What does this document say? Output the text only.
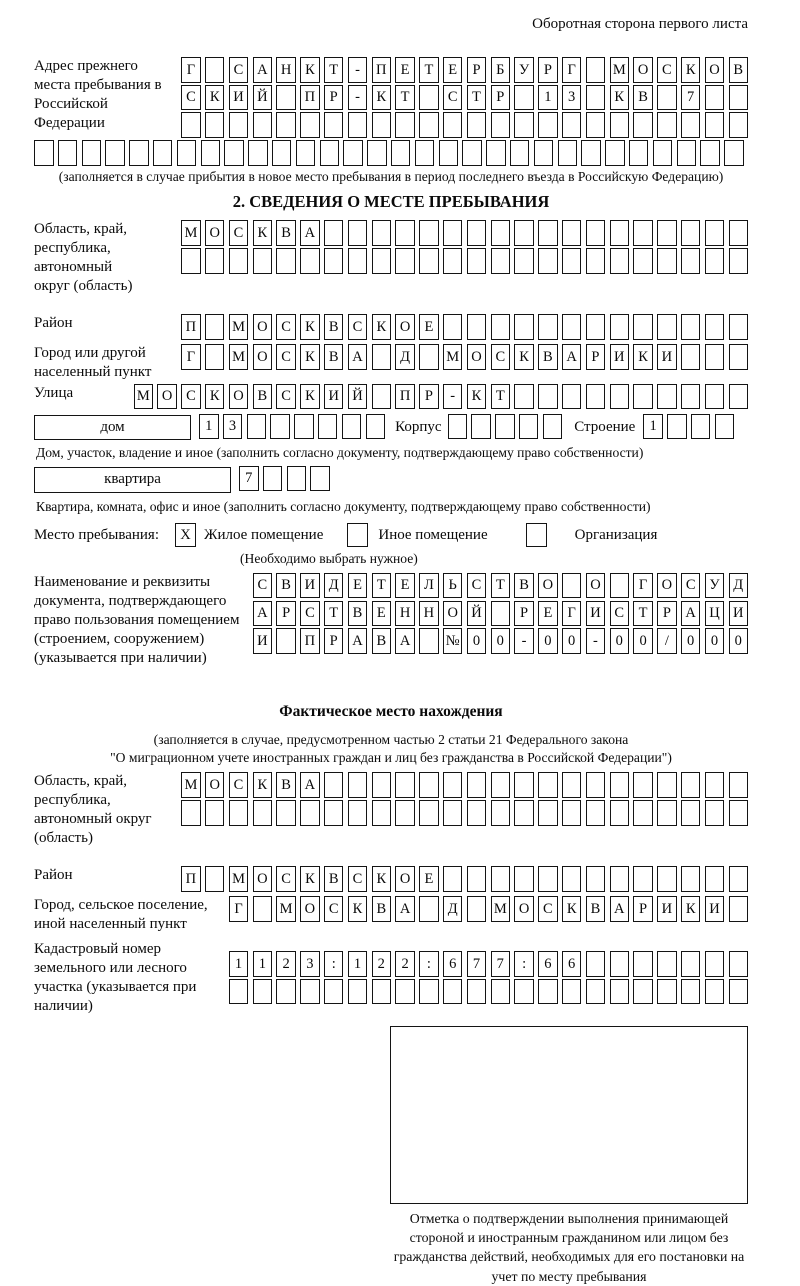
Оборотная сторона первого листа
Адрес прежнего места пребывания в Российской Федерации
Г	С А Н К	Т	-	П Е	Т	Е	Р	Б	У	Р	Г	М О С К О В
С К И Й	П	Р	-	К	Т	С	Т	Р	1	3	К В	7
(заполняется в случае прибытия в новое место пребывания в период последнего въезда в Российскую Федерацию)
2. СВЕДЕНИЯ О МЕСТЕ ПРЕБЫВАНИЯ
Область, край, республика, автономный округ (область)
М О С К В А
Район	П	М О С К В С К О Е
Город или другой населенный пункт
Г	М О С К В А	Д	М О С К В А	Р	И К И
Улица	М О С К О В С К И Й	П	Р	-	К	Т
дом	1	3	Корпус	Строение 1
Дом, участок, владение и иное (заполнить согласно документу, подтверждающему право собственности)
квартира	7
Квартира, комната, офис и иное (заполнить согласно документу, подтверждающему право собственности)
Место пребывания:	X Жилое помещение	Иное помещение	Организация
(Необходимо выбрать нужное)
Наименование и реквизиты документа, подтверждающего право пользования помещением (строением, сооружением) (указывается при наличии)
С В И Д Е	Т	Е Л	Ь	С	Т	В О	О	Г О С У Д
А	Р	С	Т	В	Е Н Н О Й	Р	Е	Г И С	Т	Р	А Ц И
И	П	Р	А В А	№ 0	0	-	0	0	-	0	0	/	0	0	0
Фактическое место нахождения
(заполняется в случае, предусмотренном частью 2 статьи 21 Федерального закона
"О миграционном учете иностранных граждан и лиц без гражданства в Российской Федерации")
Область, край, республика, автономный округ (область)
М О С К В А
Район	П	М О С К В С К О Е
Город, сельское поселение, иной населенный пункт
Г	М О С К В А	Д	М О С К В А	Р	И К И
Кадастровый номер земельного или лесного участка (указывается при наличии)
1	1	2	3	:	1	2	2	:	6	7	7	:	6	6
Отметка о подтверждении выполнения принимающей стороной и иностранным гражданином или лицом без гражданства действий, необходимых для его постановки на учет по месту пребывания
